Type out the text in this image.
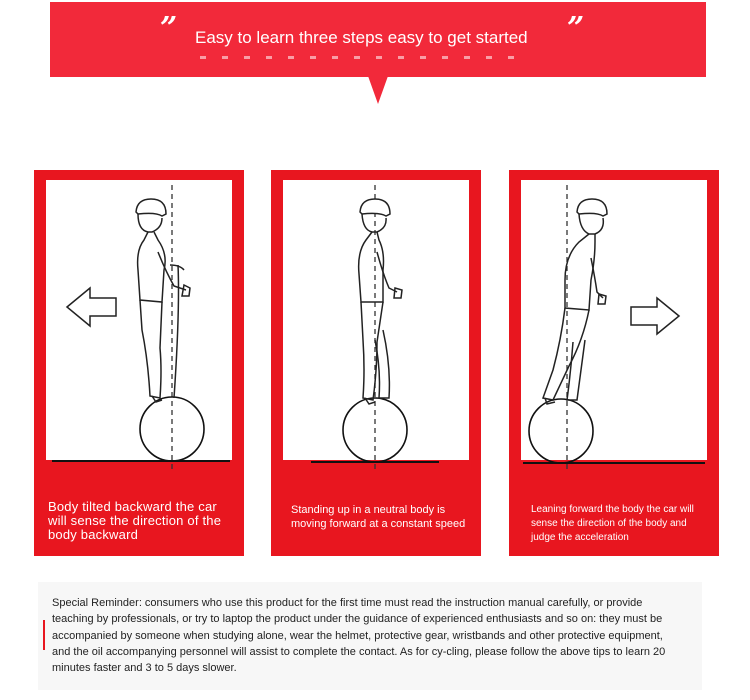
”	”
Easy to learn three steps easy to get started
Body tilted backward the car will sense the direction of the body backward
Standing up in a neutral body is moving forward at a constant speed
Leaning forward the body the car will sense the direction of the body and judge the acceleration
Special Reminder: consumers who use this product for the first time must read the instruction manual carefully, or provide teaching by professionals, or try to laptop the product under the guidance of experienced enthusiasts and so on: they must be accompanied by someone when studying alone, wear the helmet, protective gear, wristbands and other protective equipment, and the oil accompanying personnel will assist to complete the contact. As for cy-cling, please follow the above tips to learn 20 minutes faster and 3 to 5 days slower.
